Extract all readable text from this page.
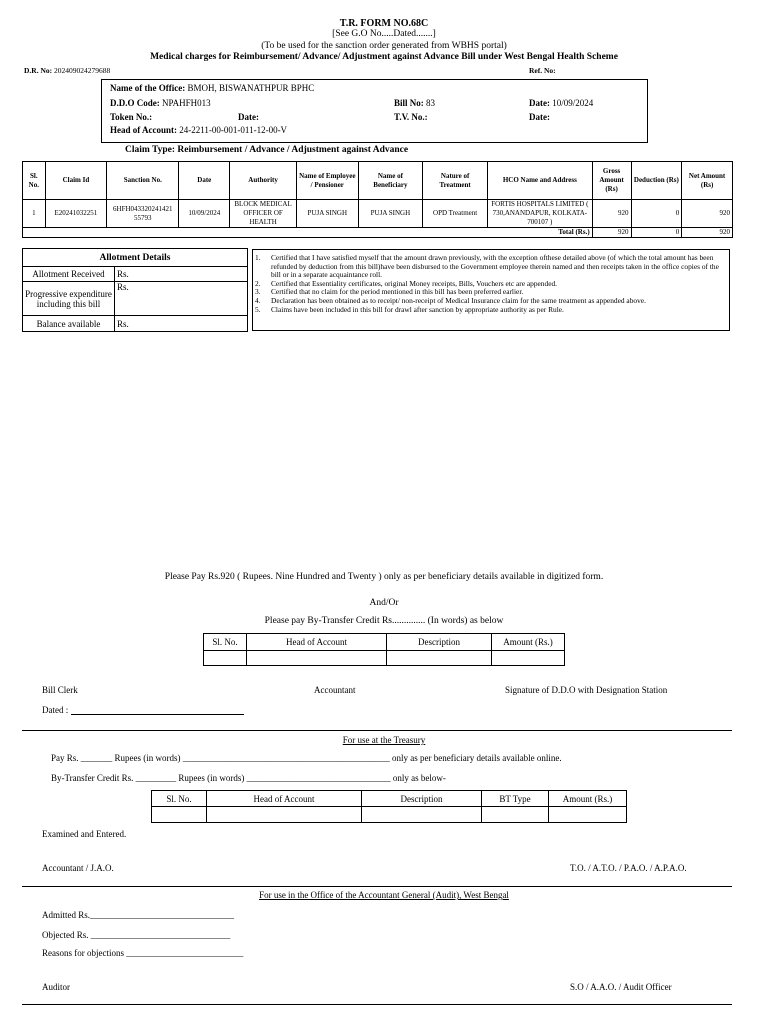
T.R. FORM NO.68C
[See G.O No.....Dated.......]
(To be used for the sanction order generated from WBHS portal)
Medical charges for Reimbursement/ Advance/ Adjustment against Advance Bill under West Bengal Health Scheme
D.R. No: 202409024279688	Ref. No:
Name of the Office: BMOH, BISWANATHPUR BPHC
D.D.O Code: NPAHFH013	Bill No: 83	Date: 10/09/2024
Token No.:	Date:	T.V. No.:	Date:
Head of Account: 24-2211-00-001-011-12-00-V
Claim Type: Reimbursement / Advance / Adjustment against Advance
Sl. No.	Claim Id	Sanction No.	Date	Authority	Name of Employee / Pensioner	Name of Beneficiary	Nature of Treatment	HCO Name and Address	Gross Amount (Rs)	Deduction (Rs)	Net Amount (Rs)
1	E20241032251	6HFH043320241421 55793	10/09/2024	BLOCK MEDICAL OFFICER OF HEALTH	PUJA SINGH	PUJA SINGH	OPD Treatment	FORTIS HOSPITALS LIMITED ( 730,ANANDAPUR, KOLKATA-700107 )	920	0	920
Total (Rs.)									920	0	920
Allotment Details	
Allotment Received	Rs.
Progressive expenditure including this bill	Rs.
Balance available	Rs.
1.	Certified that I have satisfied myself that the amount drawn previously, with the exception ofthese detailed above (of which the total amount has been refunded by deduction from this bill)have been disbursed to the Government employee therein named and then receipts taken in the office copies of the bill or in a separate acquaintance roll.
2.	Certified that Essentiality certificates, original Money receipts, Bills, Vouchers etc are appended.
3.	Certified that no claim for the period mentioned in this bill has been preferred earlier.
4.	Declaration has been obtained as to receipt/ non-receipt of Medical Insurance claim for the same treatment as appended above.
5.	Claims have been included in this bill for drawl after sanction by appropriate authority as per Rule.
Please Pay Rs.920 ( Rupees. Nine Hundred and Twenty ) only as per beneficiary details available in digitized form.
And/Or
Please pay By-Transfer Credit Rs.............. (In words) as below
Sl. No.	Head of Account	Description	Amount (Rs.)

Bill Clerk	Accountant	Signature of D.D.O with Designation Station
Dated :
For use at the Treasury
Pay Rs. _______ Rupees (in words) ______________________________________________ only as per beneficiary details available online.
By-Transfer Credit Rs. _________ Rupees (in words) ________________________________ only as below-
Sl. No.	Head of Account	Description	BT Type	Amount (Rs.)

Examined and Entered.
Accountant / J.A.O.	T.O. / A.T.O. / P.A.O. / A.P.A.O.
For use in the Office of the Accountant General (Audit), West Bengal
Admitted Rs.________________________________
Objected Rs. _______________________________
Reasons for objections __________________________
Auditor	S.O / A.A.O. / Audit Officer
